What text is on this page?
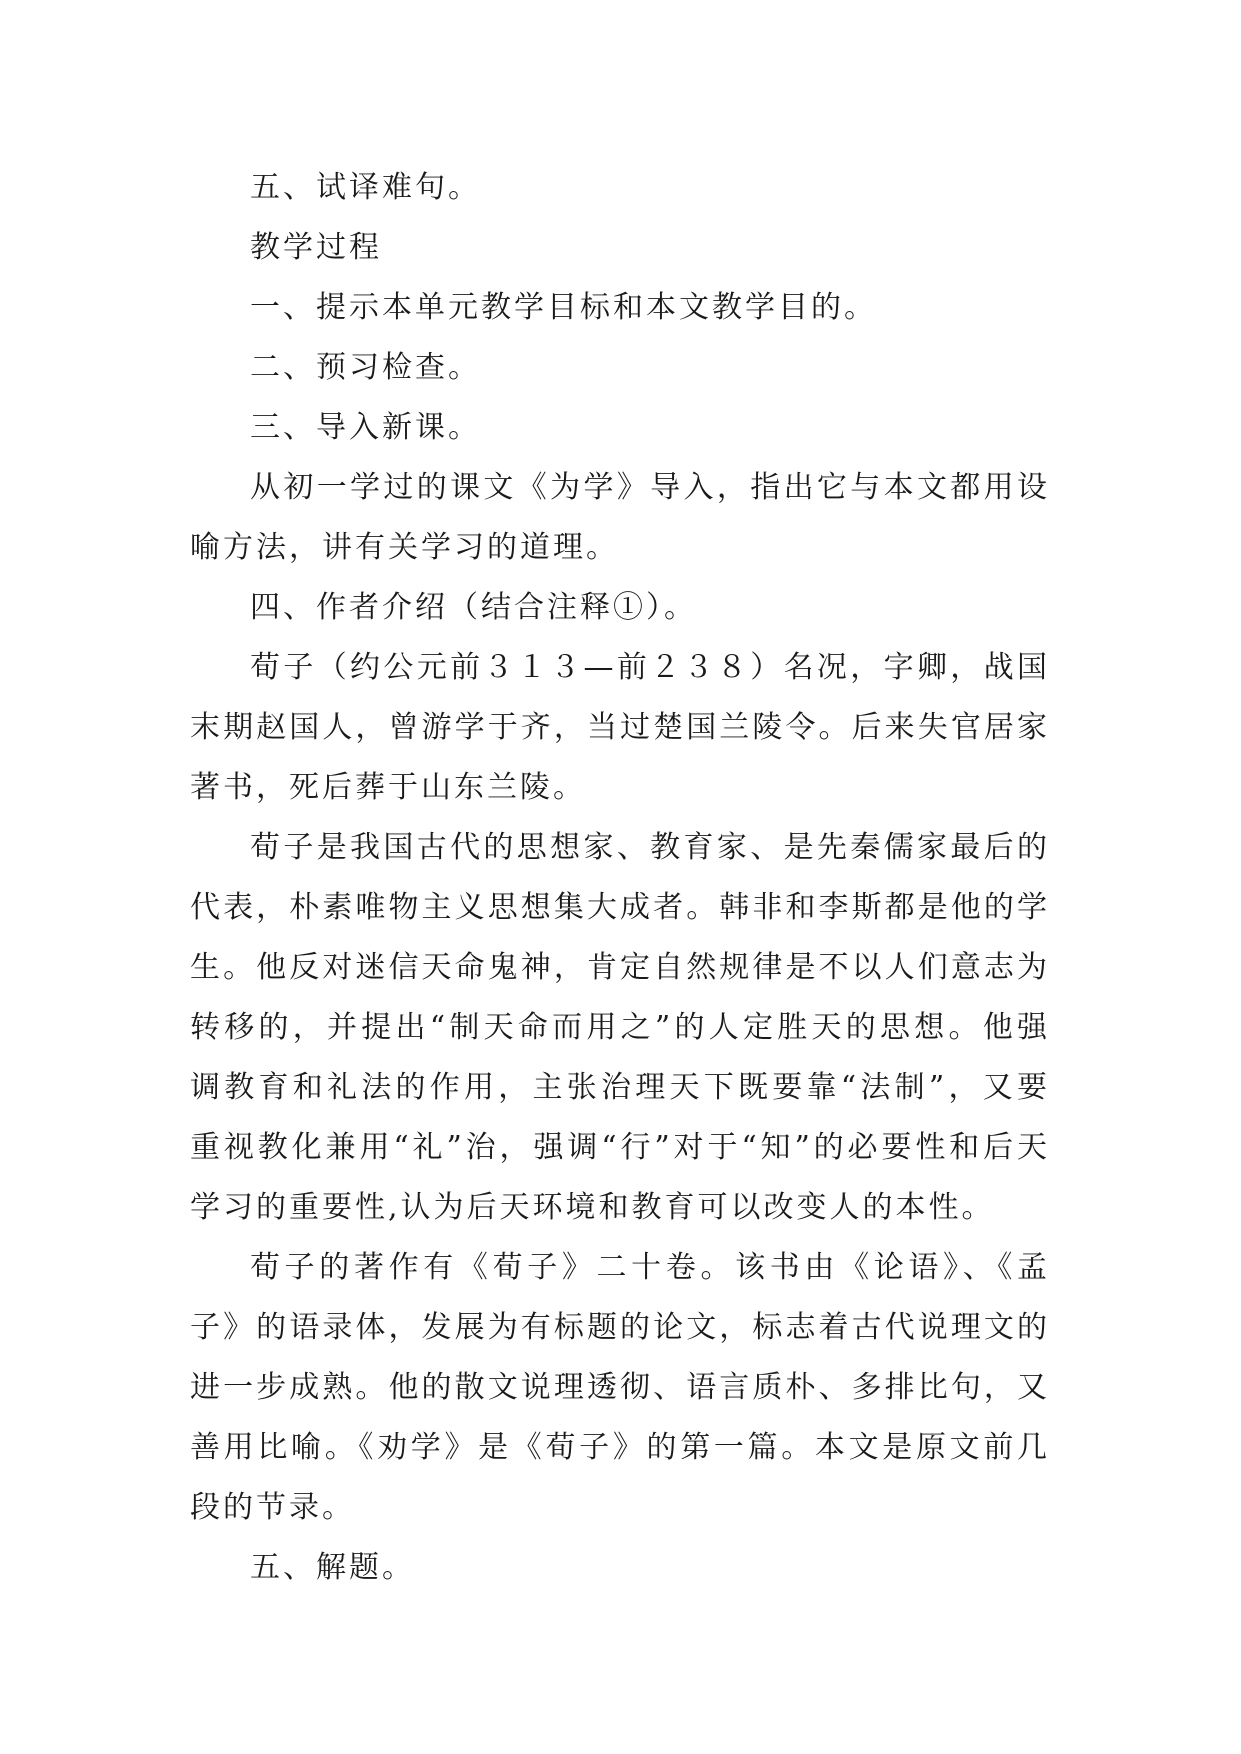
五、试译难句。

教学过程

一、提示本单元教学目标和本文教学目的。

二、预习检查。

三、导入新课。

从初一学过的课文《为学》导入，指出它与本文都用设喻方法，讲有关学习的道理。

四、作者介绍（结合注释①）。

荀子（约公元前３１３—前２３８）名况，字卿，战国末期赵国人，曾游学于齐，当过楚国兰陵令。后来失官居家著书，死后葬于山东兰陵。

荀子是我国古代的思想家、教育家、是先秦儒家最后的代表，朴素唯物主义思想集大成者。韩非和李斯都是他的学生。他反对迷信天命鬼神，肯定自然规律是不以人们意志为转移的，并提出“制天命而用之”的人定胜天的思想。他强调教育和礼法的作用，主张治理天下既要靠“法制”，又要重视教化兼用“礼”治，强调“行”对于“知”的必要性和后天学习的重要性,认为后天环境和教育可以改变人的本性。

荀子的著作有《荀子》二十卷。该书由《论语》、《孟子》的语录体，发展为有标题的论文，标志着古代说理文的进一步成熟。他的散文说理透彻、语言质朴、多排比句，又善用比喻。《劝学》是《荀子》的第一篇。本文是原文前几段的节录。

五、解题。
